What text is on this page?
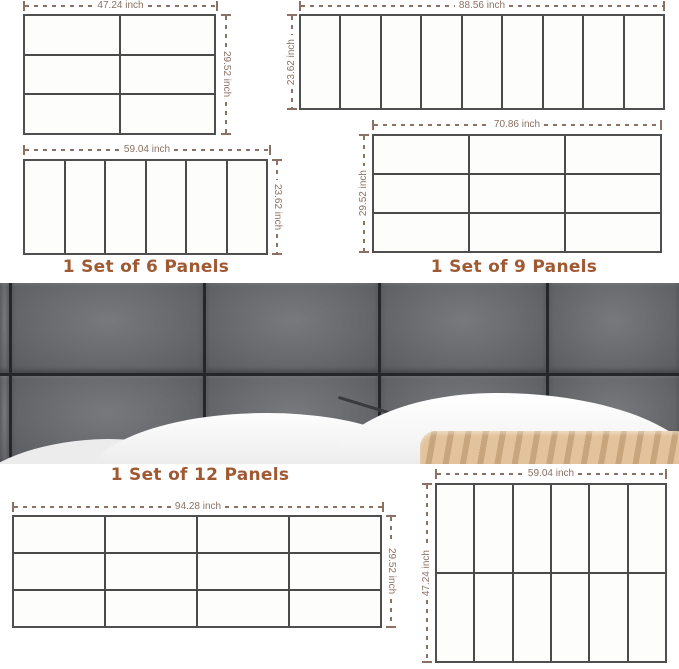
47.24 inch
29.52 inch
88.56 inch
23.62 inch
59.04 inch
23.62 inch
1 Set of 6 Panels
70.86 inch
29.52 inch
1 Set of 9 Panels
1 Set of 12 Panels
94.28 inch
29.52 inch
59.04 inch
47.24 inch
